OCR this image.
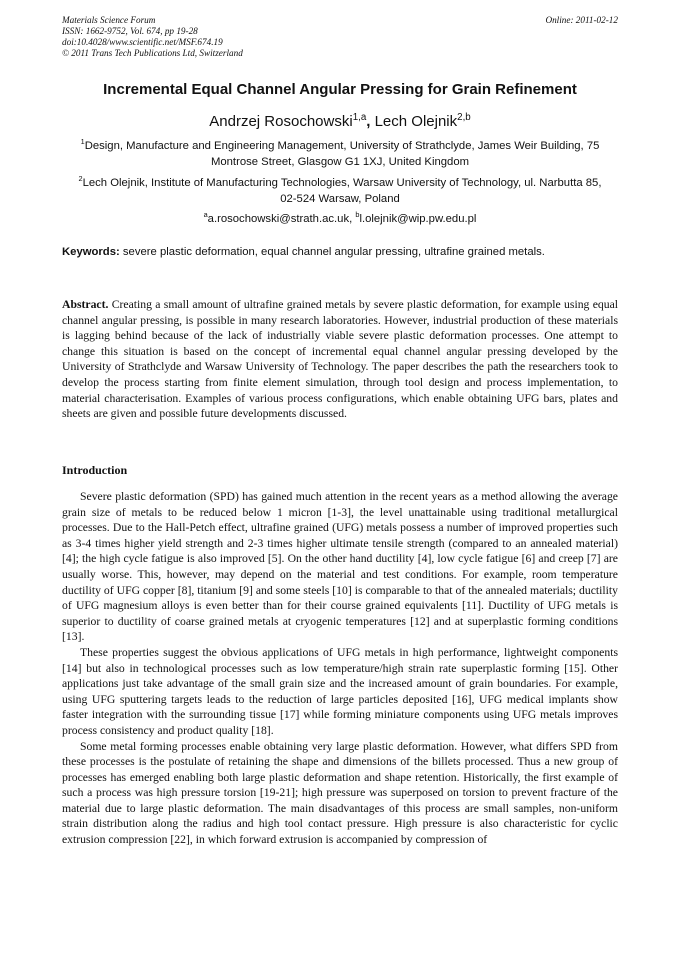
Materials Science Forum
ISSN: 1662-9752, Vol. 674, pp 19-28
doi:10.4028/www.scientific.net/MSF.674.19
© 2011 Trans Tech Publications Ltd, Switzerland
Online: 2011-02-12
Incremental Equal Channel Angular Pressing for Grain Refinement
Andrzej Rosochowski$^{1,a}$, Lech Olejnik$^{2,b}$
$^1$Design, Manufacture and Engineering Management, University of Strathclyde, James Weir Building, 75 Montrose Street, Glasgow G1 1XJ, United Kingdom
$^2$Lech Olejnik, Institute of Manufacturing Technologies, Warsaw University of Technology, ul. Narbutta 85, 02-524 Warsaw, Poland
$^a$a.rosochowski@strath.ac.uk, $^b$l.olejnik@wip.pw.edu.pl
Keywords: severe plastic deformation, equal channel angular pressing, ultrafine grained metals.
Abstract. Creating a small amount of ultrafine grained metals by severe plastic deformation, for example using equal channel angular pressing, is possible in many research laboratories. However, industrial production of these materials is lagging behind because of the lack of industrially viable severe plastic deformation processes. One attempt to change this situation is based on the concept of incremental equal channel angular pressing developed by the University of Strathclyde and Warsaw University of Technology. The paper describes the path the researchers took to develop the process starting from finite element simulation, through tool design and process implementation, to material characterisation. Examples of various process configurations, which enable obtaining UFG bars, plates and sheets are given and possible future developments discussed.
Introduction

Severe plastic deformation (SPD) has gained much attention in the recent years as a method allowing the average grain size of metals to be reduced below 1 micron [1-3], the level unattainable using traditional metallurgical processes. Due to the Hall-Petch effect, ultrafine grained (UFG) metals possess a number of improved properties such as 3-4 times higher yield strength and 2-3 times higher ultimate tensile strength (compared to an annealed material) [4]; the high cycle fatigue is also improved [5]. On the other hand ductility [4], low cycle fatigue [6] and creep [7] are usually worse. This, however, may depend on the material and test conditions. For example, room temperature ductility of UFG copper [8], titanium [9] and some steels [10] is comparable to that of the annealed materials; ductility of UFG magnesium alloys is even better than for their course grained equivalents [11]. Ductility of UFG metals is superior to ductility of coarse grained metals at cryogenic temperatures [12] and at superplastic forming conditions [13].

These properties suggest the obvious applications of UFG metals in high performance, lightweight components [14] but also in technological processes such as low temperature/high strain rate superplastic forming [15]. Other applications just take advantage of the small grain size and the increased amount of grain boundaries. For example, using UFG sputtering targets leads to the reduction of large particles deposited [16], UFG medical implants show faster integration with the surrounding tissue [17] while forming miniature components using UFG metals improves process consistency and product quality [18].

Some metal forming processes enable obtaining very large plastic deformation. However, what differs SPD from these processes is the postulate of retaining the shape and dimensions of the billets processed. Thus a new group of processes has emerged enabling both large plastic deformation and shape retention. Historically, the first example of such a process was high pressure torsion [19-21]; high pressure was superposed on torsion to prevent fracture of the material due to large plastic deformation. The main disadvantages of this process are small samples, non-uniform strain distribution along the radius and high tool contact pressure. High pressure is also characteristic for cyclic extrusion compression [22], in which forward extrusion is accompanied by compression of
